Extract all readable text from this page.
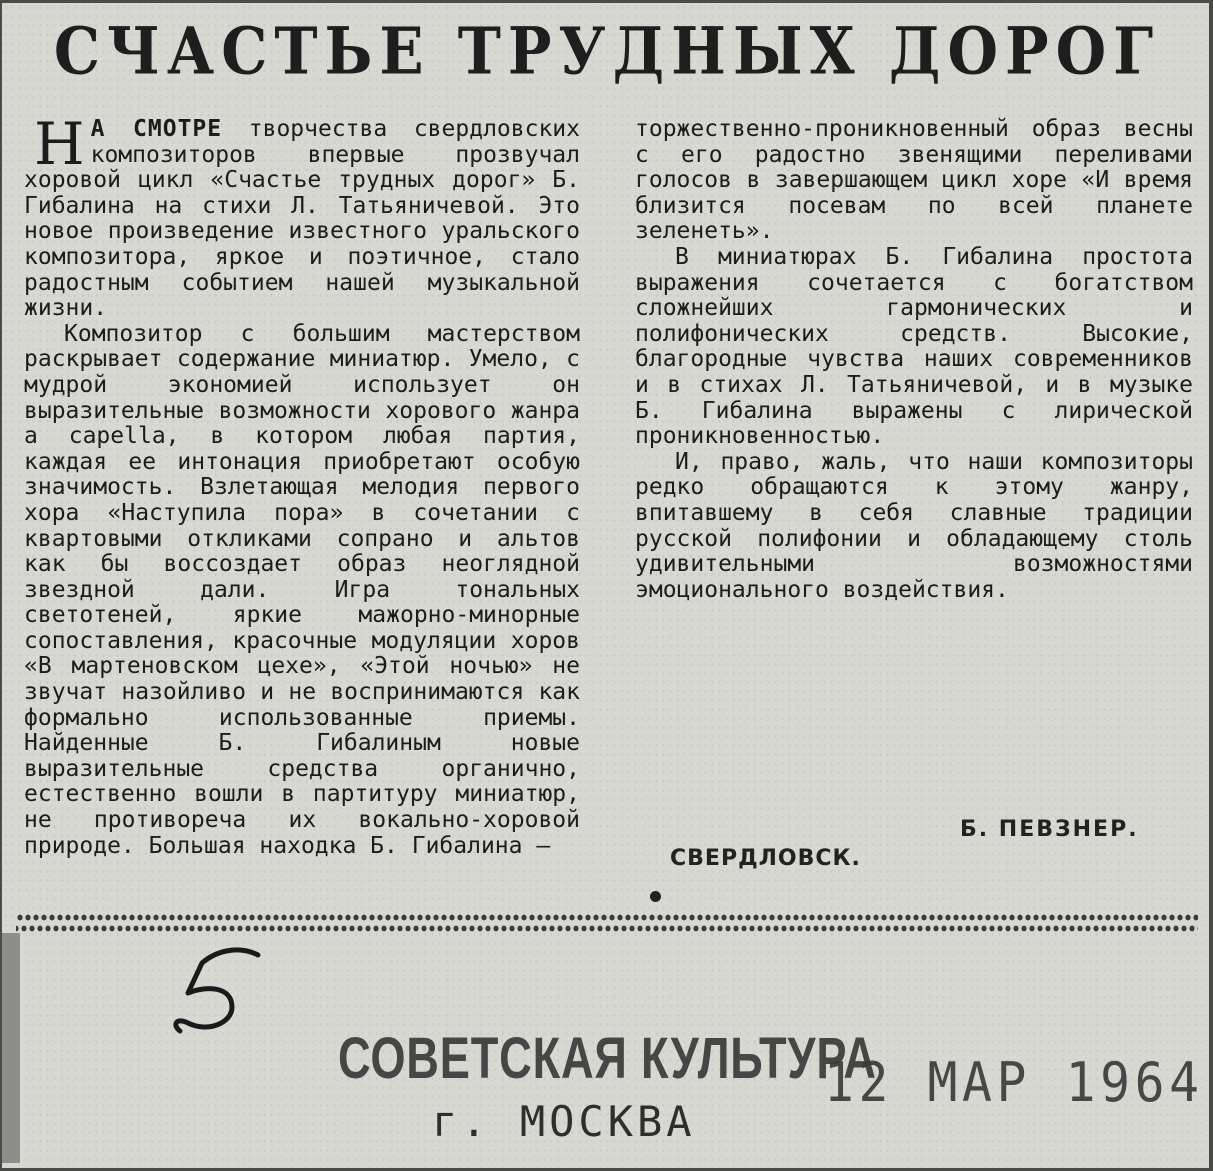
СЧАСТЬЕ ТРУДНЫХ ДОРОГ

Н А СМОТРЕ творчества свердловских композиторов впервые прозвучал хоровой цикл «Счастье трудных дорог» Б. Гибалина на стихи Л. Татьяничевой. Это новое произведение известного уральского композитора, яркое и поэтичное, стало радостным событием нашей музыкальной жизни.

Композитор с большим мастерством раскрывает содержание миниатюр. Умело, с мудрой экономией использует он выразительные возможности хорового жанра a capella, в котором любая партия, каждая ее интонация приобретают особую значимость. Взлетающая мелодия первого хора «Наступила пора» в сочетании с квартовыми откликами сопрано и альтов как бы воссоздает образ неоглядной звездной дали. Игра тональных светотеней, яркие мажорно-минорные сопоставления, красочные модуляции хоров «В мартеновском цехе», «Этой ночью» не звучат назойливо и не воспринимаются как формально использованные приемы. Найденные Б. Гибалиным новые выразительные средства органично, естественно вошли в партитуру миниатюр, не противореча их вокально-хоровой природе. Большая находка Б. Гибалина —

торжественно-проникновенный образ весны с его радостно звенящими переливами голосов в завершающем цикл хоре «И время близится посевам по всей планете зеленеть».

В миниатюрах Б. Гибалина простота выражения сочетается с богатством сложнейших гармонических и полифонических средств. Высокие, благородные чувства наших современников и в стихах Л. Татьяничевой, и в музыке Б. Гибалина выражены с лирической проникновенностью.

И, право, жаль, что наши композиторы редко обращаются к этому жанру, впитавшему в себя славные традиции русской полифонии и обладающему столь удивительными возможностями эмоционального воздействия.

Б. ПЕВЗНЕР.
СВЕРДЛОВСК.
СОВЕТСКАЯ КУЛЬТУРА
12 МАР 1964
г. МОСКВА
